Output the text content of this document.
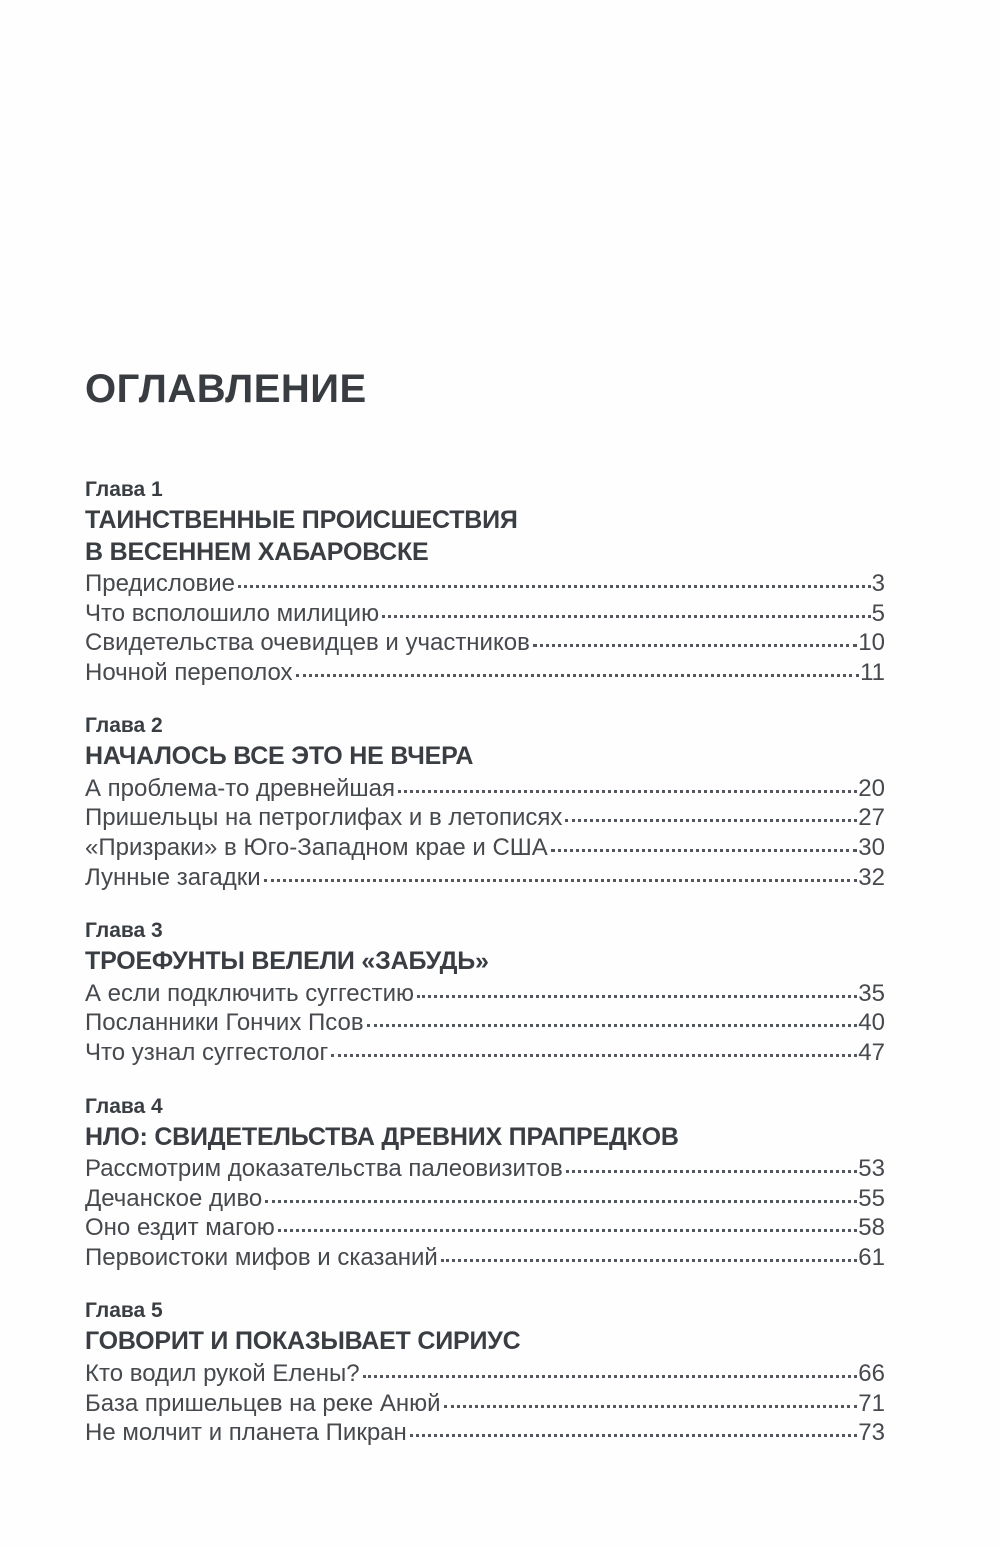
ОГЛАВЛЕНИЕ
Глава 1
ТАИНСТВЕННЫЕ ПРОИСШЕСТВИЯ
В ВЕСЕННЕМ ХАБАРОВСКЕ
Предисловие	3
Что всполошило милицию	5
Свидетельства очевидцев и участников	10
Ночной переполох	11
Глава 2
НАЧАЛОСЬ ВСЕ ЭТО НЕ ВЧЕРА
А проблема-то древнейшая	20
Пришельцы на петроглифах и в летописях	27
«Призраки» в Юго-Западном крае и США	30
Лунные загадки	32
Глава 3
ТРОЕФУНТЫ ВЕЛЕЛИ «ЗАБУДЬ»
А если подключить суггестию	35
Посланники Гончих Псов	40
Что узнал суггестолог	47
Глава 4
НЛО: СВИДЕТЕЛЬСТВА ДРЕВНИХ ПРАПРЕДКОВ
Рассмотрим доказательства палеовизитов	53
Дечанское диво	55
Оно ездит магою	58
Первоистоки мифов и сказаний	61
Глава 5
ГОВОРИТ И ПОКАЗЫВАЕТ СИРИУС
Кто водил рукой Елены?	66
База пришельцев на реке Анюй	71
Не молчит и планета Пикран	73
